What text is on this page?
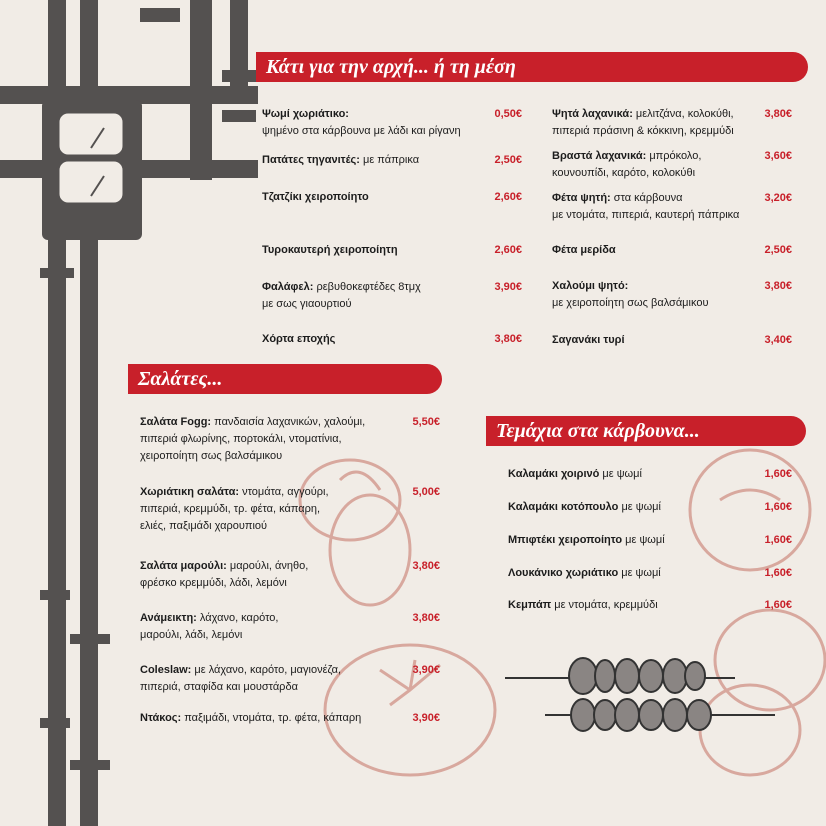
Κάτι για την αρχή... ή τη μέση
Σαλάτες...
Τεμάχια στα κάρβουνα...
Ψωμί χωριάτικο:
ψημένο στα κάρβουνα με λάδι και ρίγανη
0,50€
Πατάτες τηγανιτές: με πάπρικα	2,50€
Τζατζίκι χειροποίητο	2,60€
Τυροκαυτερή χειροποίητη	2,60€
Φαλάφελ: ρεβυθοκεφτέδες 8τμχ
με σως γιαουρτιού
3,90€
Χόρτα εποχής	3,80€
Ψητά λαχανικά: μελιτζάνα, κολοκύθι,
πιπεριά πράσινη & κόκκινη, κρεμμύδι
3,80€
Βραστά λαχανικά: μπρόκολο,
κουνουπίδι, καρότο, κολοκύθι
3,60€
Φέτα ψητή: στα κάρβουνα
με ντομάτα, πιπεριά, καυτερή πάπρικα
3,20€
Φέτα μερίδα	2,50€
Χαλούμι ψητό:
με χειροποίητη σως βαλσάμικου
3,80€
Σαγανάκι τυρί	3,40€
Σαλάτα Fogg: πανδαισία λαχανικών, χαλούμι,
πιπεριά φλωρίνης, πορτοκάλι, ντοματίνια,
χειροποίητη σως βαλσάμικου
5,50€
Χωριάτικη σαλάτα: ντομάτα, αγγούρι,
πιπεριά, κρεμμύδι, τρ. φέτα, κάπαρη,
ελιές, παξιμάδι χαρουπιού
5,00€
Σαλάτα μαρούλι: μαρούλι, άνηθο,
φρέσκο κρεμμύδι, λάδι, λεμόνι
3,80€
Ανάμεικτη: λάχανο, καρότο,
μαρούλι, λάδι, λεμόνι
3,80€
Coleslaw: με λάχανο, καρότο, μαγιονέζα,
πιπεριά, σταφίδα και μουστάρδα
3,90€
Ντάκος: παξιμάδι, ντομάτα, τρ. φέτα, κάπαρη	3,90€
Καλαμάκι χοιρινό με ψωμί	1,60€
Καλαμάκι κοτόπουλο με ψωμί	1,60€
Μπιφτέκι χειροποίητο με ψωμί	1,60€
Λουκάνικο χωριάτικο με ψωμί	1,60€
Κεμπάπ με ντομάτα, κρεμμύδι	1,60€
